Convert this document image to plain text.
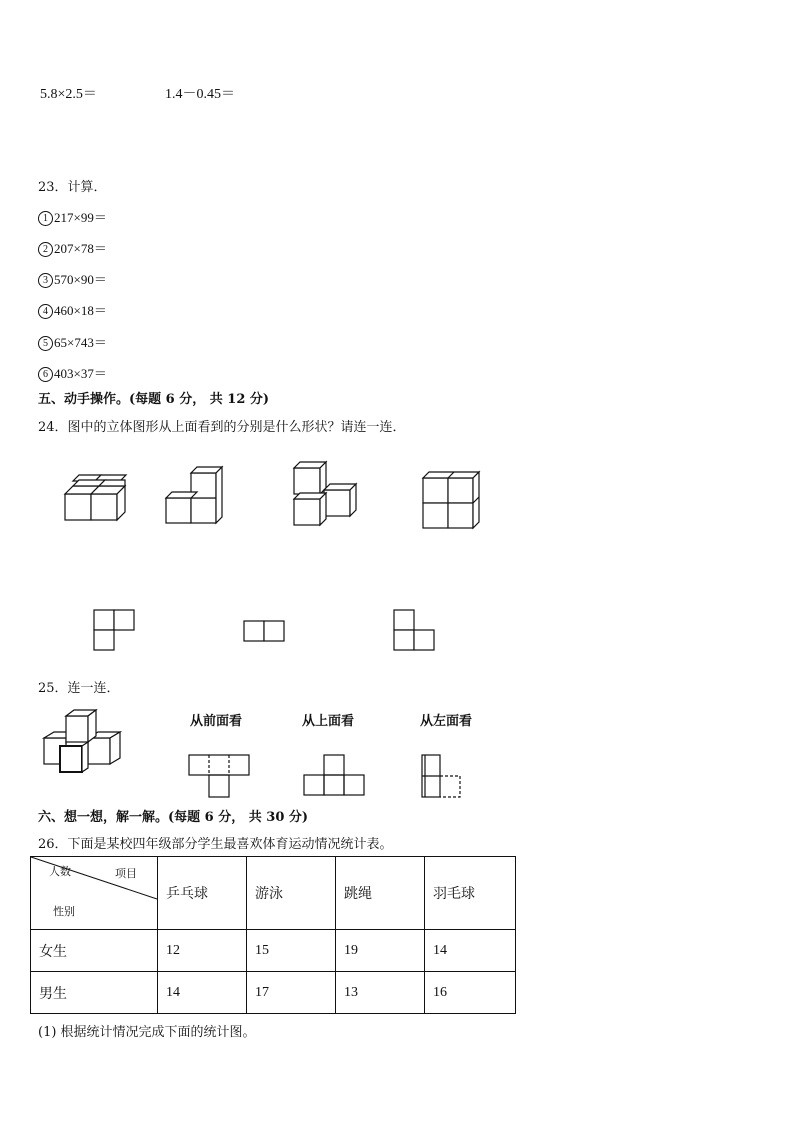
5.8×2.5＝	1.4－0.45＝
23．计算．
1 217×99＝
2 207×78＝
3 570×90＝
4 460×18＝
5 65×743＝
6 403×37＝
五、动手操作。(每题 6 分， 共 12 分)
24．图中的立体图形从上面看到的分别是什么形状？请连一连．
25．连一连．
从前面看	从上面看	从左面看
六、想一想，解一解。(每题 6 分， 共 30 分)
26．下面是某校四年级部分学生最喜欢体育运动情况统计表。
人数 项目
性别	乒乓球	游泳	跳绳	羽毛球
女生	12	15	19	14
男生	14	17	13	16
(1) 根据统计情况完成下面的统计图。
